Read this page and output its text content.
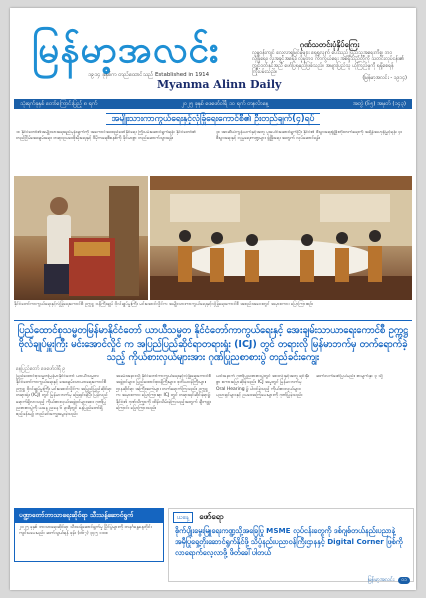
မြန်မာ့အလင်း
၁၉၁၄ ခုနှစ်က တည်ထောင်သည် Established in 1914
Myanma Alinn Daily
ဂုဏ်သတင်းပုံနှိပ်ကြေး
လူမှုဝန်းကျင် လေ့လာရှုမြင်မှုများ ရှေ့ရှုလျက် ပေးသည့် ပြည်သူ့အရေးကိစ္စ၊ ဘဝလုံခြုံရေး၊ လူ့အခွင့်အရေး၊ လူမှုဘဝ ကာကွယ်ရေး အစရှိသည်တို့ကို သတင်းလုပ်ငန်း၏ ကျင့်ဝတ်နှင့်အညီ ဖော်ပြရမည်ဖြစ်သည်။ အများပြည်သူ ယုံကြည်မှုကို ရရှိစေရန် ကြိုးပမ်းသည်။
(မြန်မာ့အလင်း - ၁၉၁၄)
သုံးရက်ခုနှစ် တော်ကြောင်းပြည့် ၈ ရက်	၂၀၂၅ ခုနှစ် ဖေဖော်ဝါရီ ၁၀ ရက် တနင်္လာနေ့	အတွဲ (၆၅) အမှတ် (၁၄၃)
အမျိုးသားကာကွယ်ရေးနှင့်လုံခြုံရေးကောင်စီ၏ ဦးတည်ချက်(၄)ရပ်
၁။ နိုင်ငံတော်၏အမျိုးသားရေးရည်မှန်းချက်ကို အကောင်အထည်ဖော်နိုင်ရေး ကြိုးပမ်းဆောင်ရွက်ရန်။ နိုင်ငံတော်၏ တည်ငြိမ်အေးချမ်းရေး၊ တရားဥပဒေစိုးမိုးရေးနှင့် ဒီမိုကရေစီစနစ်ကို ခိုင်မာစွာ တည်ဆောက်သွားရန်။
၃။ အာဆီယံကွန်ယက်နှင့်အတူ ပူးပေါင်းဆောင်ရွက်ပြီး နိုင်ငံ၏ စီးပွားရေးဖွံ့ဖြိုးတိုးတက်ရေးကို အရှိန်အဟုန်မြှင့်ရန်။ ၄။ စီးပွားရေးနှင့် လူမှုရေးကဏ္ဍများ ဖွံ့ဖြိုးရေး အတွက် လုပ်ဆောင်ရန်။
နိုင်ငံတော်ကာကွယ်ရေးနှင့်လုံခြုံရေးကောင်စီ ဥက္ကဋ္ဌ ဝန်ကြီးချုပ် ဗိုလ်ချုပ်မှူးကြီး မင်းအောင်လှိုင်က အမျိုးသားကာကွယ်ရေးနှင့်လုံခြုံရေးကောင်စီ အစည်းအဝေးတွင် အမှာစကား ပြောကြားစဉ်။
ပြည်ထောင်စုသမ္မတမြန်မာနိုင်ငံတော် ယာယီသမ္မတ နိုင်ငံတော်ကာကွယ်ရေးနှင့် အေးချမ်းသာယာရေးကောင်စီ ဥက္ကဋ္ဌ ဗိုလ်ချုပ်မှူးကြီး မင်းအောင်လှိုင် က အပြည်ပြည်ဆိုင်ရာတရားရုံး (ICJ) တွင် တရားလို မြန်မာဘက်မှ တက်ရောက်ခဲ့သည့် ကိုယ်စားလှယ်များအား ဂုဏ်ပြုညစာစားပွဲ တည်ခင်းကျွေး
နေပြည်တော် ဖေဖော်ဝါရီ ၉
ပြည်ထောင်စုသမ္မတမြန်မာနိုင်ငံတော် ယာယီသမ္မတ၊ နိုင်ငံတော်ကာကွယ်ရေးနှင့် အေးချမ်းသာယာရေးကောင်စီ ဥက္ကဋ္ဌ ဗိုလ်ချုပ်မှူးကြီး မင်းအောင်လှိုင်က အပြည်ပြည်ဆိုင်ရာတရားရုံး (ICJ) တွင် မြန်မာဘက်မှ ဖြေရှင်းခဲ့ပြီး ပြန်လည်ရောက်ရှိလာသည့် ကိုယ်စားလှယ်အဖွဲ့ဝင်များအား ဂုဏ်ပြုညစာစားပွဲကို ယနေ့ ညနေ ၆ နာရီတွင် နေပြည်တော်ရှိ ဧည့်ခန်းမ၌ တည်ခင်းကျွေးမွေးခဲ့သည်။
အခမ်းအနားသို့ နိုင်ငံတော်ကာကွယ်ရေးနှင့်လုံခြုံရေးကောင်စီ အဖွဲ့ဝင်များ၊ ပြည်ထောင်စုဝန်ကြီးများ၊ ဒုတိယဝန်ကြီးများ၊ ဌာနဆိုင်ရာ အကြီးအကဲများ တက်ရောက်ကြသည်။ ဥက္ကဋ္ဌက အမှာစကား ပြောကြားရာ ICJ တွင် တရားရင်ဆိုင်ခဲ့ရာ၌ နိုင်ငံ၏ ဂုဏ်သိက္ခာကို ထိန်းသိမ်းခဲ့ကြသည့်အတွက် ချီးကျူးကြောင်း ပြောကြားသည်။
ယင်းနောက် ဂုဏ်ပြုညစာစားပွဲတွင် အားလုံးနှင့်အတူ ရင်းနှီးစွာ စကားပြောဆိုခဲ့သည်။ ICJ အမှုတွင် မြန်မာဘက်မှ Oral Hearing ၌ ပါဝင်ခဲ့သည့် ကိုယ်စားလှယ်များ၊ ပညာရှင်များနှင့် ဥပဒေအကြံပေးများကို ဂုဏ်ပြုခဲ့သည်။
ဆက်လက်ဖော်ပြပါမည်။ စာမျက်နှာ ၃ သို့
ပဏ္ဍာတော်ဘာသာရေးဆိုင်ရာ သီးသန့်ဆောင်ရွက်
၂၀၂၅ ခုနှစ် ဘာသာရေးဆိုင်ရာ သီးသန့်ဆောင်ရွက်မှု ပြိုင်ပွဲများကို တနင်္ဂနွေနေ့တိုင်း ကျင်းပပေးမည်။ ဆက်သွယ်ရန် ဖုန်း (၀၆၇) ၃၄၅ ၁၁၀။
ယနေ့	ဖော်ရော
စိုက်ပျိုးမွေးမြူရေးကဏ္ဍသို့အခြေပြု MSME လုပ်ငန်းတွေကို ဒစ်ဂျစ်တယ်နည်းပညာနဲ့ အမှီပြုရှေ့တိုးဆောင်ရွက်နိုင်ဖို့ သိပ္ပံနည်းပညာဝန်ကြီးဌာနနှင့် Digital Corner ဖြစ်ကို လာရောက်လေ့လာဖို့ ဖိတ်ခေါ်ပါတယ်
မြန်မာ့အလင်း	၀၁
